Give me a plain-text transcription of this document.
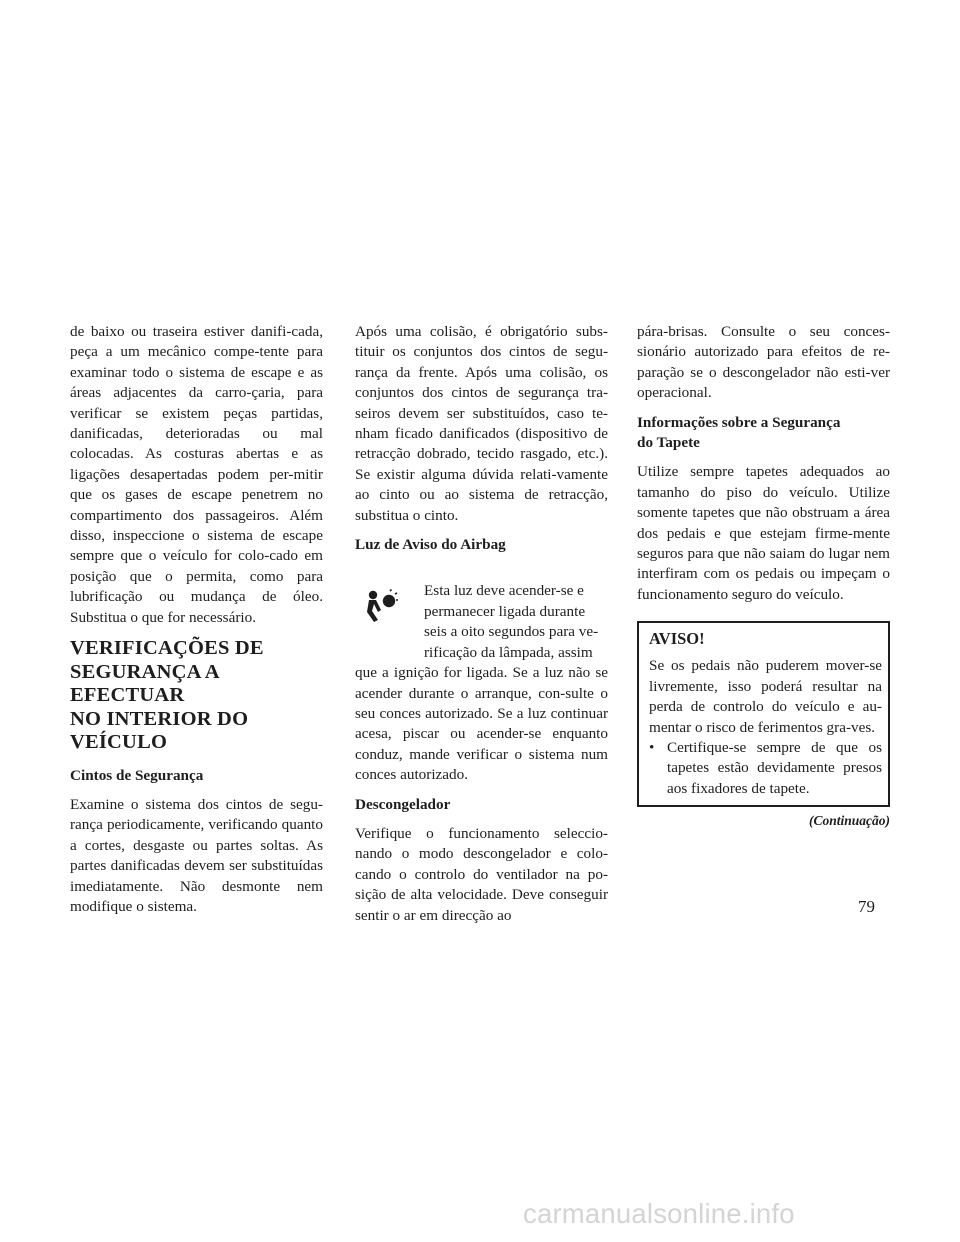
de baixo ou traseira estiver danifi-cada, peça a um mecânico compe-tente para examinar todo o sistema de escape e as áreas adjacentes da carro-çaria, para verificar se existem peças partidas, danificadas, deterioradas ou mal colocadas. As costuras abertas e as ligações desapertadas podem per-mitir que os gases de escape penetrem no compartimento dos passageiros. Além disso, inspeccione o sistema de escape sempre que o veículo for colo-cado em posição que o permita, como para lubrificação ou mudança de óleo. Substitua o que for necessário.

VERIFICAÇÕES DE
SEGURANÇA A EFECTUAR
NO INTERIOR DO
VEÍCULO
Cintos de Segurança

Examine o sistema dos cintos de segu-rança periodicamente, verificando quanto a cortes, desgaste ou partes soltas. As partes danificadas devem ser substituídas imediatamente. Não desmonte nem modifique o sistema.

Após uma colisão, é obrigatório subs-tituir os conjuntos dos cintos de segu-rança da frente. Após uma colisão, os conjuntos dos cintos de segurança tra-seiros devem ser substituídos, caso te-nham ficado danificados (dispositivo de retracção dobrado, tecido rasgado, etc.). Se existir alguma dúvida relati-vamente ao cinto ou ao sistema de retracção, substitua o cinto.

Luz de Aviso do Airbag
Esta luz deve acender-se e
permanecer ligada durante
seis a oito segundos para ve-
rificação da lâmpada, assim

que a ignição for ligada. Se a luz não se acender durante o arranque, con-sulte o seu conces autorizado. Se a luz continuar acesa, piscar ou acender-se enquanto conduz, mande verificar o sistema num conces autorizado.

Descongelador

Verifique o funcionamento seleccio-nando o modo descongelador e colo-cando o controlo do ventilador na po-sição de alta velocidade. Deve conseguir sentir o ar em direcção ao

pára-brisas. Consulte o seu conces-sionário autorizado para efeitos de re-paração se o descongelador não esti-ver operacional.

Informações sobre a Segurança
do Tapete

Utilize sempre tapetes adequados ao tamanho do piso do veículo. Utilize somente tapetes que não obstruam a área dos pedais e que estejam firme-mente seguros para que não saiam do lugar nem interfiram com os pedais ou impeçam o funcionamento seguro do veículo.

AVISO!

Se os pedais não puderem mover-se livremente, isso poderá resultar na perda de controlo do veículo e au-mentar o risco de ferimentos gra-ves.

• Certifique-se sempre de que os tapetes estão devidamente presos aos fixadores de tapete.
(Continuação)
79
carmanualsonline.info
